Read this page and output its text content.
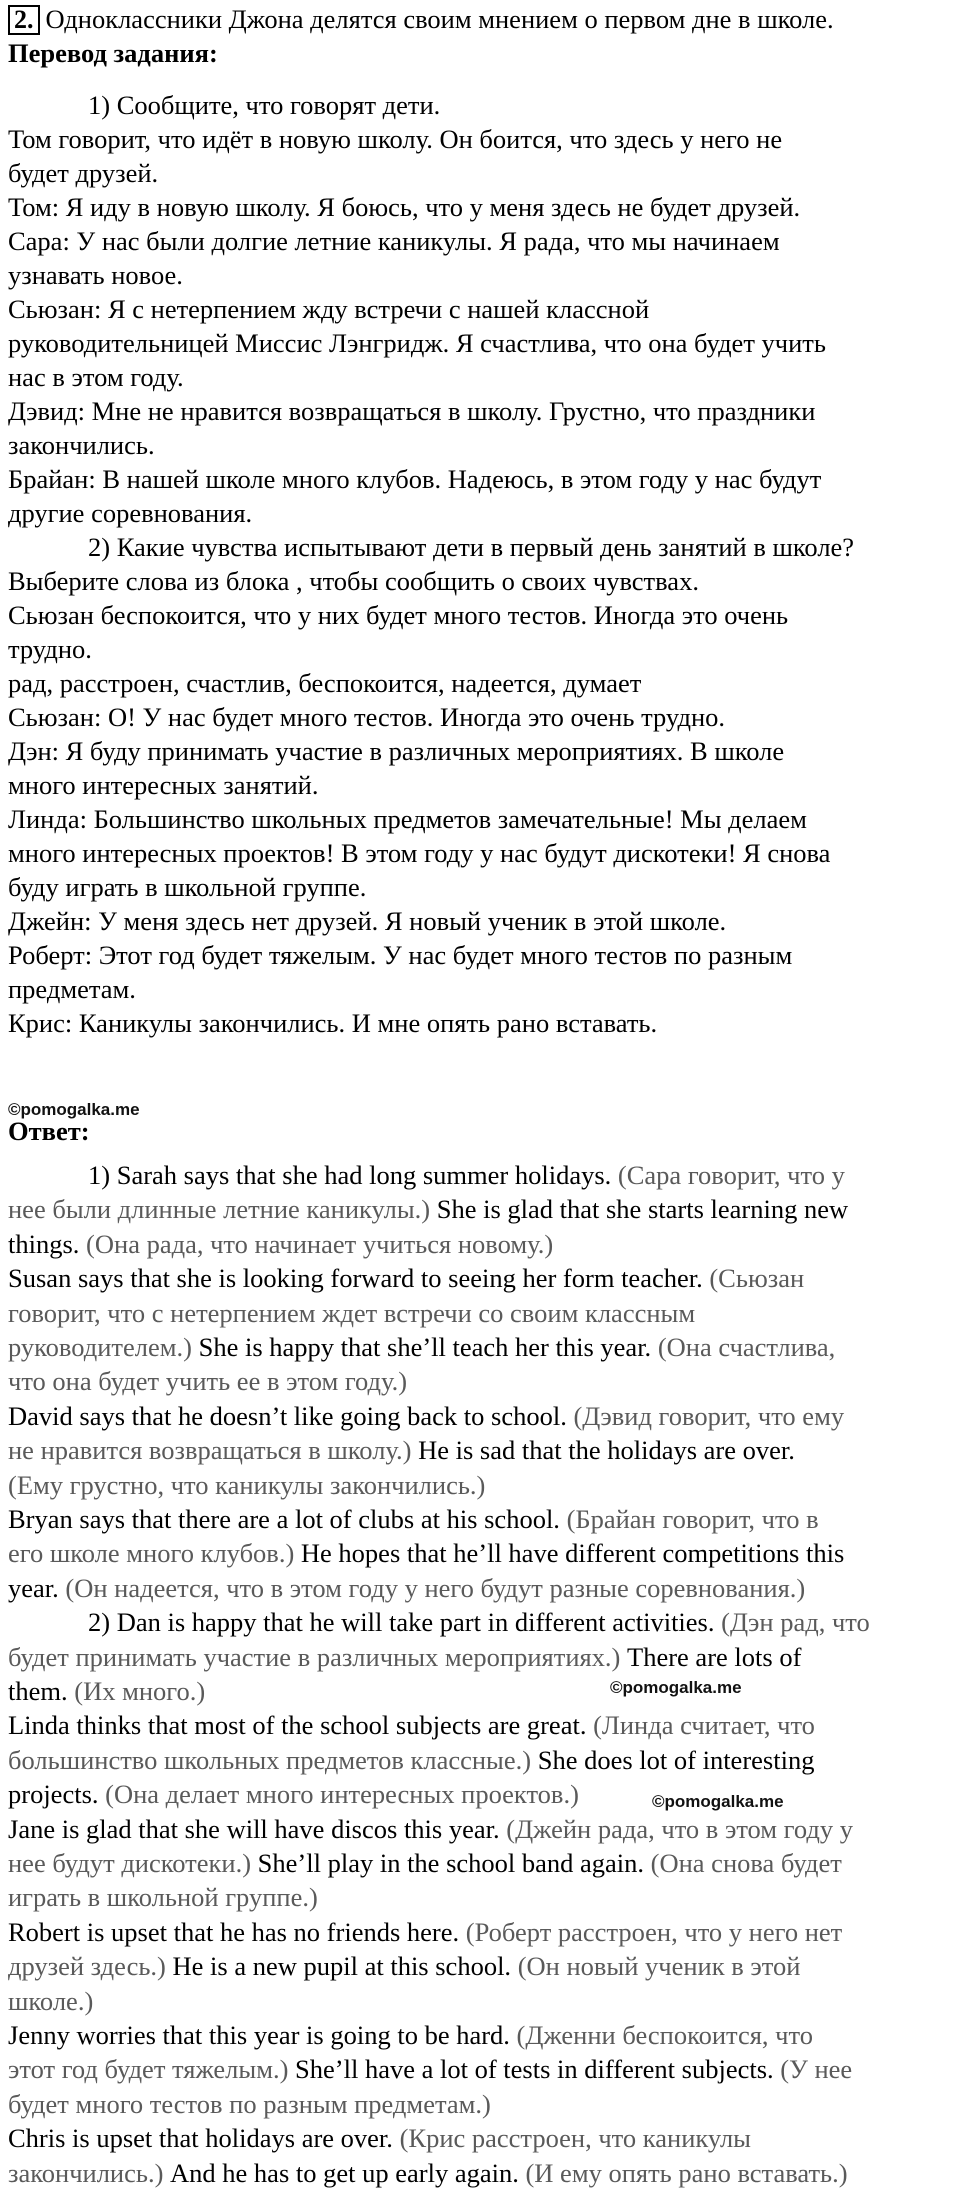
2. Одноклассники Джона делятся своим мнением о первом дне в школе.
Перевод задания:
1) Сообщите, что говорят дети.
Том говорит, что идёт в новую школу. Он боится, что здесь у него не
будет друзей.
Том: Я иду в новую школу. Я боюсь, что у меня здесь не будет друзей.
Сара: У нас были долгие летние каникулы. Я рада, что мы начинаем
узнавать новое.
Сьюзан: Я с нетерпением жду встречи с нашей классной
руководительницей Миссис Лэнгридж. Я счастлива, что она будет учить
нас в этом году.
Дэвид: Мне не нравится возвращаться в школу. Грустно, что праздники
закончились.
Брайан: В нашей школе много клубов. Надеюсь, в этом году у нас будут
другие соревнования.
2) Какие чувства испытывают дети в первый день занятий в школе?
Выберите слова из блока , чтобы сообщить о своих чувствах.
Сьюзан беспокоится, что у них будет много тестов. Иногда это очень
трудно.
рад, расстроен, счастлив, беспокоится, надеется, думает
Сьюзан: О! У нас будет много тестов. Иногда это очень трудно.
Дэн: Я буду принимать участие в различных мероприятиях. В школе
много интересных занятий.
Линда: Большинство школьных предметов замечательные! Мы делаем
много интересных проектов! В этом году у нас будут дискотеки! Я снова
буду играть в школьной группе.
Джейн: У меня здесь нет друзей. Я новый ученик в этой школе.
Роберт: Этот год будет тяжелым. У нас будет много тестов по разным
предметам.
Крис: Каникулы закончились. И мне опять рано вставать.
©pomogalka.me
Ответ:
1) Sarah says that she had long summer holidays. (Сара говорит, что у
нее были длинные летние каникулы.) She is glad that she starts learning new
things. (Она рада, что начинает учиться новому.)
Susan says that she is looking forward to seeing her form teacher. (Сьюзан
говорит, что с нетерпением ждет встречи со своим классным
руководителем.) She is happy that she’ll teach her this year. (Она счастлива,
что она будет учить ее в этом году.)
David says that he doesn’t like going back to school. (Дэвид говорит, что ему
не нравится возвращаться в школу.) He is sad that the holidays are over.
(Ему грустно, что каникулы закончились.)
Bryan says that there are a lot of clubs at his school. (Брайан говорит, что в
его школе много клубов.) He hopes that he’ll have different competitions this
year. (Он надеется, что в этом году у него будут разные соревнования.)
2) Dan is happy that he will take part in different activities. (Дэн рад, что
будет принимать участие в различных мероприятиях.) There are lots of
them. (Их много.)
Linda thinks that most of the school subjects are great. (Линда считает, что
большинство школьных предметов классные.) She does lot of interesting
projects. (Она делает много интересных проектов.)
Jane is glad that she will have discos this year. (Джейн рада, что в этом году у
нее будут дискотеки.) She’ll play in the school band again. (Она снова будет
играть в школьной группе.)
Robert is upset that he has no friends here. (Роберт расстроен, что у него нет
друзей здесь.) He is a new pupil at this school. (Он новый ученик в этой
школе.)
Jenny worries that this year is going to be hard. (Дженни беспокоится, что
этот год будет тяжелым.) She’ll have a lot of tests in different subjects. (У нее
будет много тестов по разным предметам.)
Chris is upset that holidays are over. (Крис расстроен, что каникулы
закончились.) And he has to get up early again. (И ему опять рано вставать.)
©pomogalka.me
©pomogalka.me
